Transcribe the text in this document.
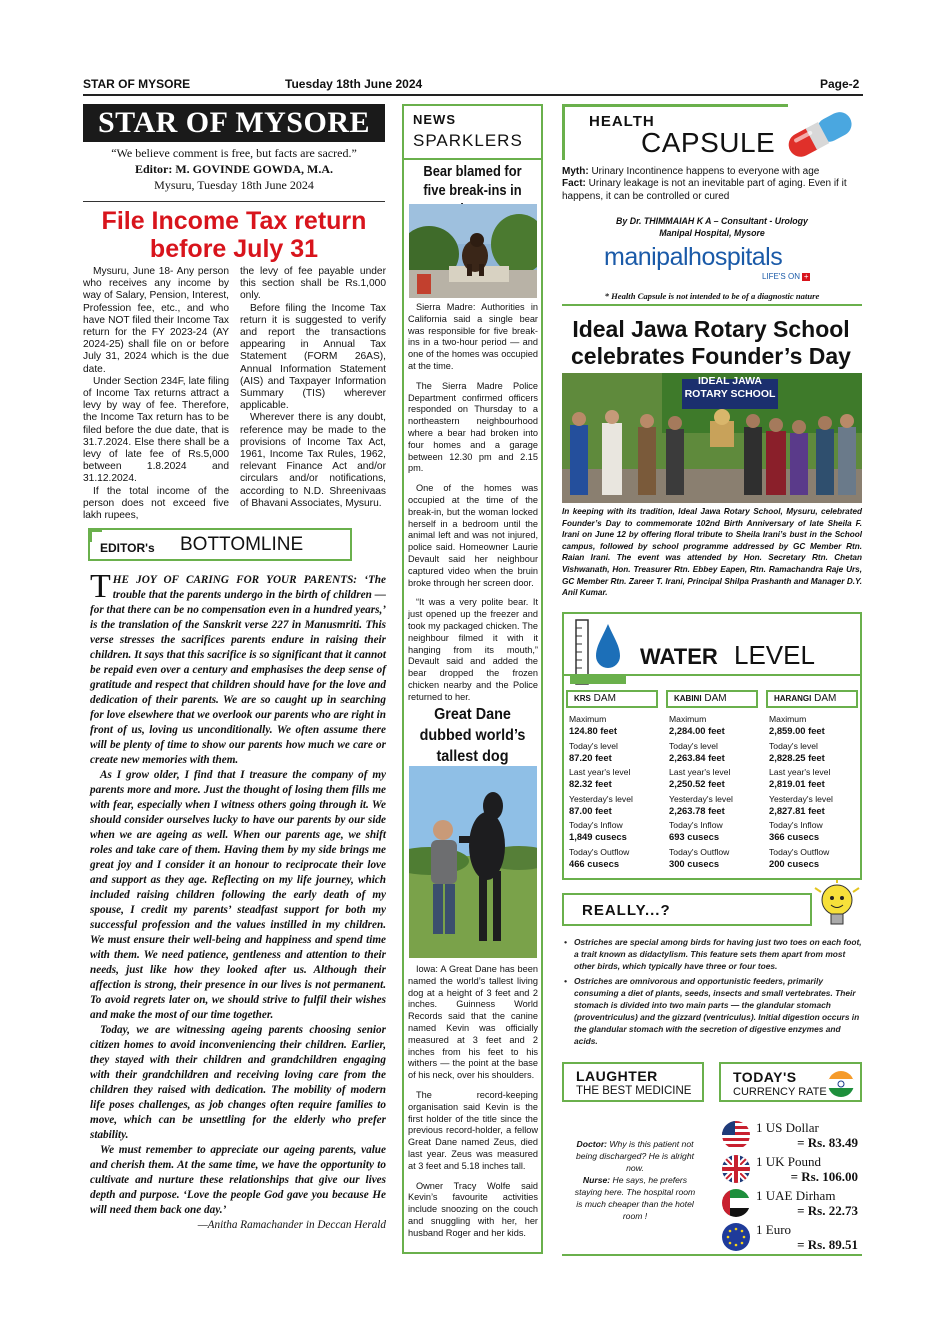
STAR OF MYSORE	Tuesday 18th June 2024	Page-2
STAR OF MYSORE
“We believe comment is free, but facts are sacred.”
Editor: M. GOVINDE GOWDA, M.A.
Mysuru, Tuesday 18th June 2024
File Income Tax return
before July 31

Mysuru, June 18- Any person who receives any income by way of Salary, Pension, Interest, Profession fee, etc., and who have NOT filed their Income Tax return for the FY 2023-24 (AY 2024-25) shall file on or before July 31, 2024 which is the due date.

Under Section 234F, late filing of Income Tax returns attract a levy by way of fee. Therefore, the Income Tax return has to be filed before the due date, that is 31.7.2024. Else there shall be a levy of late fee of Rs.5,000 between 1.8.2024 and 31.12.2024.

If the total income of the person does not exceed five lakh rupees,

the levy of fee payable under this section shall be Rs.1,000 only.

Before filing the Income Tax return it is suggested to verify and report the transactions appearing in Annual Tax Statement (FORM 26AS), Annual Information Statement (AIS) and Taxpayer Information Summary (TIS) wherever applicable.

Wherever there is any doubt, reference may be made to the provisions of Income Tax Act, 1961, Income Tax Rules, 1962, relevant Finance Act and/or circulars and/or notifications, according to N.D. Shreenivaas of Bhavani Associates, Mysuru.

EDITOR's BOTTOMLINE

THE JOY OF CARING FOR YOUR PARENTS: ‘The trouble that the parents undergo in the birth of children — for that there can be no compensation even in a hundred years,’ is the translation of the Sanskrit verse 227 in Manusmriti. This verse stresses the sacrifices parents endure in raising their children. It says that this sacrifice is so significant that it cannot be repaid even over a century and emphasises the deep sense of gratitude and respect that children should have for the love and dedication of their parents. We are so caught up in searching for love elsewhere that we overlook our parents who are right in front of us, loving us unconditionally. We often assume there will be plenty of time to show our parents how much we care or create new memories with them.

As I grow older, I find that I treasure the company of my parents more and more. Just the thought of losing them fills me with fear, especially when I witness others going through it. We should consider ourselves lucky to have our parents by our side when we are ageing as well. When our parents age, we shift roles and take care of them. Having them by my side brings me great joy and I consider it an honour to reciprocate their love and support as they age. Reflecting on my life journey, which included raising children following the early death of my spouse, I credit my parents’ steadfast support for both my successful profession and the values instilled in my children. We must ensure their well-being and happiness and spend time with them. We need patience, gentleness and attention to their needs, just like how they looked after us. Although their affection is strong, their presence in our lives is not permanent. To avoid regrets later on, we should strive to fulfil their wishes and make the most of our time together.

Today, we are witnessing ageing parents choosing senior citizen homes to avoid inconveniencing their children. Earlier, they stayed with their children and grandchildren engaging with their grandchildren and receiving loving care from the children they raised with dedication. The mobility of modern life poses challenges, as job changes often require families to move, which can be unsettling for the elderly who prefer stability.

We must remember to appreciate our ageing parents, value and cherish them. At the same time, we have the opportunity to cultivate and nurture these relationships that give our lives depth and purpose. ‘Love the people God gave you because He will need them back one day.’

—Anitha Ramachander in Deccan Herald
NEWS
SPARKLERS
Bear blamed for five break-ins in

Sierra Madre: Authorities in California said a single bear was responsible for five break-ins in a two-hour period — and one of the homes was occupied at the time.

The Sierra Madre Police Department confirmed officers responded on Thursday to a northeastern neighbourhood where a bear had broken into four homes and a garage between 12.30 pm and 2.15 pm.

One of the homes was occupied at the time of the break-in, but the woman locked herself in a bedroom until the animal left and was not injured, police said. Homeowner Laurie Devault said her neighbour captured video when the bruin broke through her screen door.

“It was a very polite bear. It just opened up the freezer and took my packaged chicken. The neighbour filmed it with it hanging from its mouth,” Devault said and added the bear dropped the frozen chicken nearby and the Police returned to her.

Great Dane dubbed world’s tallest dog

Iowa: A Great Dane has been named the world’s tallest living dog at a height of 3 feet and 2 inches. Guinness World Records said that the canine named Kevin was officially measured at 3 feet and 2 inches from his feet to his withers — the point at the base of his neck, over his shoulders.

The record-keeping organisation said Kevin is the first holder of the title since the previous record-holder, a fellow Great Dane named Zeus, died last year. Zeus was measured at 3 feet and 5.18 inches tall.

Owner Tracy Wolfe said Kevin’s favourite activities include snoozing on the couch and snuggling with her, her husband Roger and her kids.

HEALTH
CAPSULE
Myth: Urinary Incontinence happens to everyone with age
Fact: Urinary leakage is not an inevitable part of aging. Even if it happens, it can be controlled or cured
By Dr. THIMMAIAH K A – Consultant - Urology
Manipal Hospital, Mysore
manipalhospitals
LIFE'S ON +
* Health Capsule is not intended to be of a diagnostic nature
Ideal Jawa Rotary School
celebrates Founder’s Day
IDEAL JAWA
ROTARY SCHOOL
In keeping with its tradition, Ideal Jawa Rotary School, Mysuru, celebrated Founder’s Day to commemorate 102nd Birth Anniversary of late Sheila F. Irani on June 12 by offering floral tribute to Sheila Irani’s bust in the School campus, followed by school programme addressed by GC Member Rtn. Raian Irani. The event was attended by Hon. Secretary Rtn. Chetan Vishwanath, Hon. Treasurer Rtn. Ebbey Eapen, Rtn. Ramachandra Raje Urs, GC Member Rtn. Zareer T. Irani, Principal Shilpa Prashanth and Manager D.Y. Anil Kumar.
WATER LEVEL
KRS DAM
Maximum
124.80 feet
Today's level
87.20 feet
Last year's level
82.32 feet
Yesterday's level
87.00 feet
Today's Inflow
1,849 cusecs
Today's Outflow
466 cusecs
KABINI DAM
Maximum
2,284.00 feet
Today's level
2,263.84 feet
Last year's level
2,250.52 feet
Yesterday's level
2,263.78 feet
Today's Inflow
693 cusecs
Today's Outflow
300 cusecs
HARANGI DAM
Maximum
2,859.00 feet
Today's level
2,828.25 feet
Last year's level
2,819.01 feet
Yesterday's level
2,827.81 feet
Today's Inflow
366 cusecs
Today's Outflow
200 cusecs
REALLY...?
• Ostriches are special among birds for having just two toes on each foot, a trait known as didactylism. This feature sets them apart from most other birds, which typically have three or four toes.
• Ostriches are omnivorous and opportunistic feeders, primarily consuming a diet of plants, seeds, insects and small vertebrates. Their stomach is divided into two main parts — the glandular stomach (proventriculus) and the gizzard (ventriculus). Initial digestion occurs in the glandular stomach with the secretion of digestive enzymes and acids.
LAUGHTER
THE BEST MEDICINE
Doctor: Why is this patient not being discharged? He is alright now.
Nurse: He says, he prefers staying here. The hospital room is much cheaper than the hotel room !
TODAY'S
CURRENCY RATE
1 US Dollar
= Rs. 83.49
1 UK Pound
= Rs. 106.00
1 UAE Dirham
= Rs. 22.73
1 Euro
= Rs. 89.51
